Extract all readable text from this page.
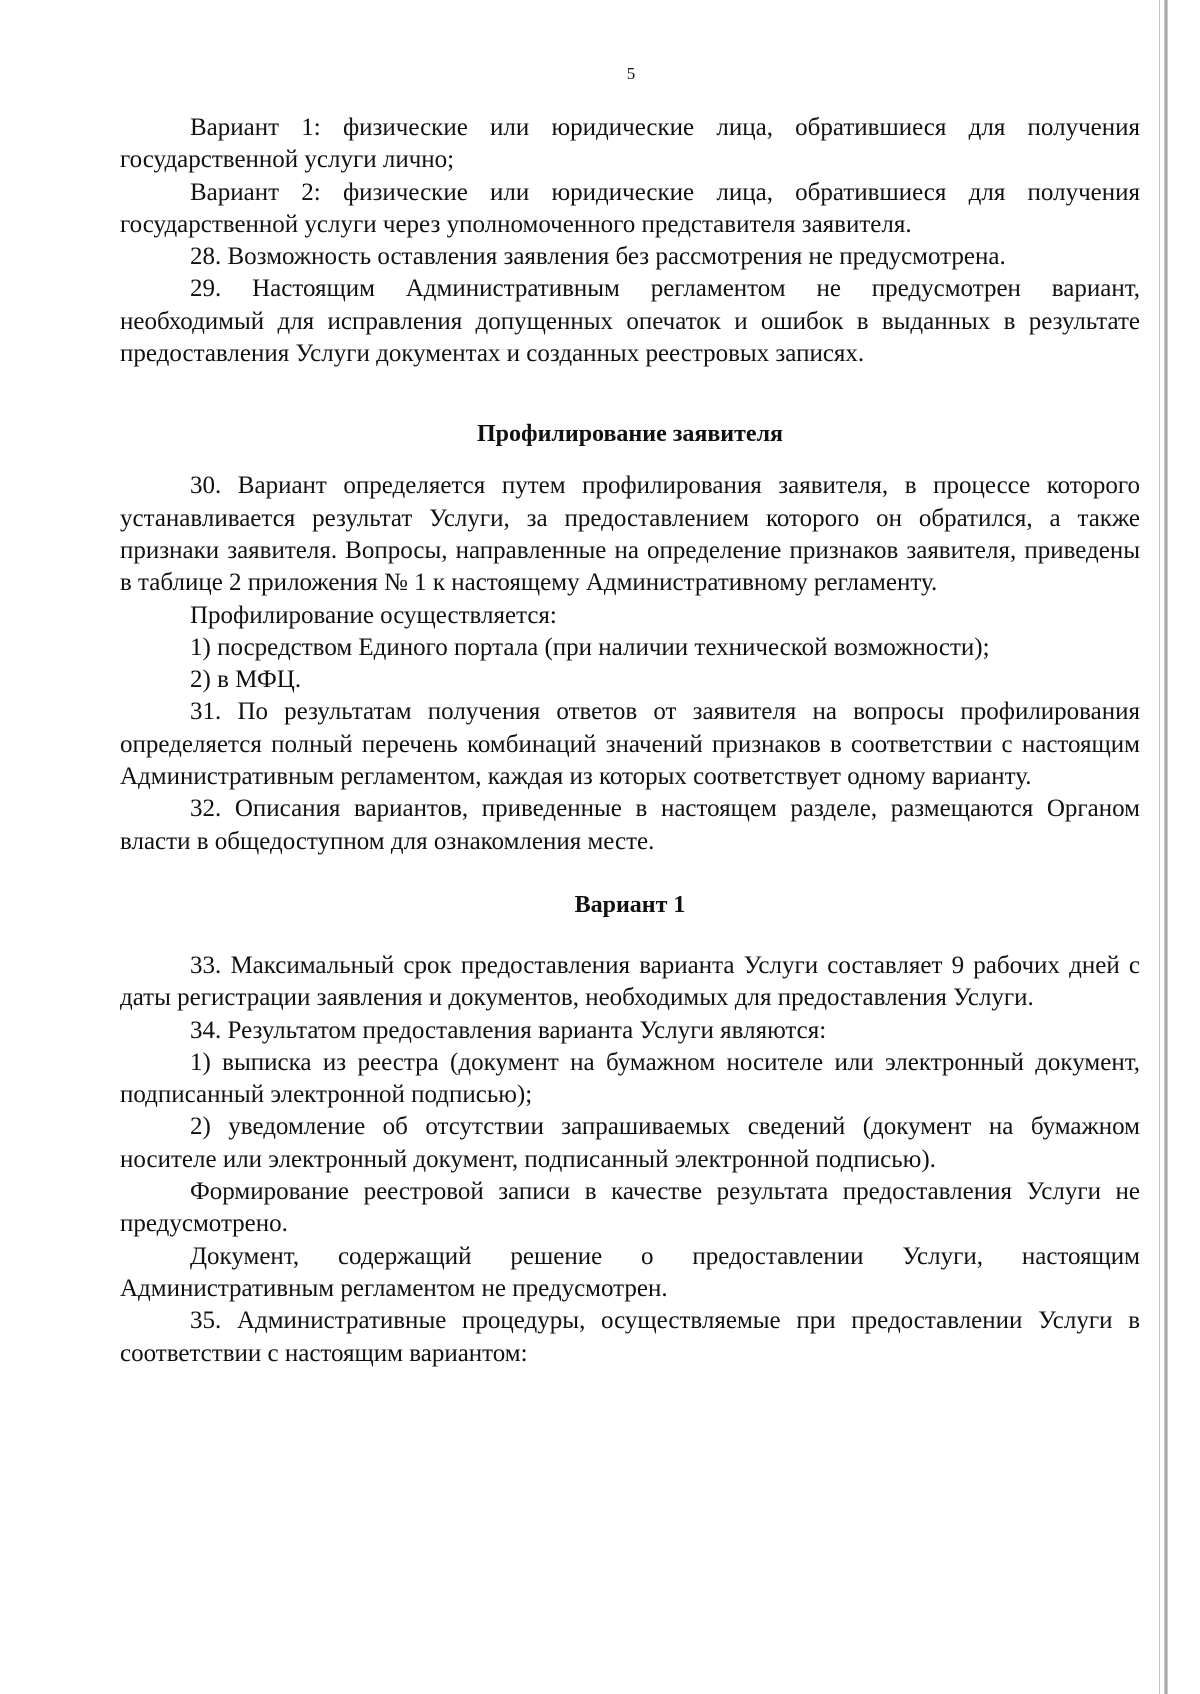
5

Вариант 1: физические или юридические лица, обратившиеся для получения государственной услуги лично;

Вариант 2: физические или юридические лица, обратившиеся для получения государственной услуги через уполномоченного представителя заявителя.

28. Возможность оставления заявления без рассмотрения не предусмотрена.

29. Настоящим Административным регламентом не предусмотрен вариант, необходимый для исправления допущенных опечаток и ошибок в выданных в результате предоставления Услуги документах и созданных реестровых записях.

Профилирование заявителя

30. Вариант определяется путем профилирования заявителя, в процессе которого устанавливается результат Услуги, за предоставлением которого он обратился, а также признаки заявителя. Вопросы, направленные на определение признаков заявителя, приведены в таблице 2 приложения № 1 к настоящему Административному регламенту.

Профилирование осуществляется:

1) посредством Единого портала (при наличии технической возможности);

2) в МФЦ.

31. По результатам получения ответов от заявителя на вопросы профилирования определяется полный перечень комбинаций значений признаков в соответствии с настоящим Административным регламентом, каждая из которых соответствует одному варианту.

32. Описания вариантов, приведенные в настоящем разделе, размещаются Органом власти в общедоступном для ознакомления месте.

Вариант 1

33. Максимальный срок предоставления варианта Услуги составляет 9 рабочих дней с даты регистрации заявления и документов, необходимых для предоставления Услуги.

34. Результатом предоставления варианта Услуги являются:

1) выписка из реестра (документ на бумажном носителе или электронный документ, подписанный электронной подписью);

2) уведомление об отсутствии запрашиваемых сведений (документ на бумажном носителе или электронный документ, подписанный электронной подписью).

Формирование реестровой записи в качестве результата предоставления Услуги не предусмотрено.

Документ, содержащий решение о предоставлении Услуги, настоящим Административным регламентом не предусмотрен.

35. Административные процедуры, осуществляемые при предоставлении Услуги в соответствии с настоящим вариантом:
